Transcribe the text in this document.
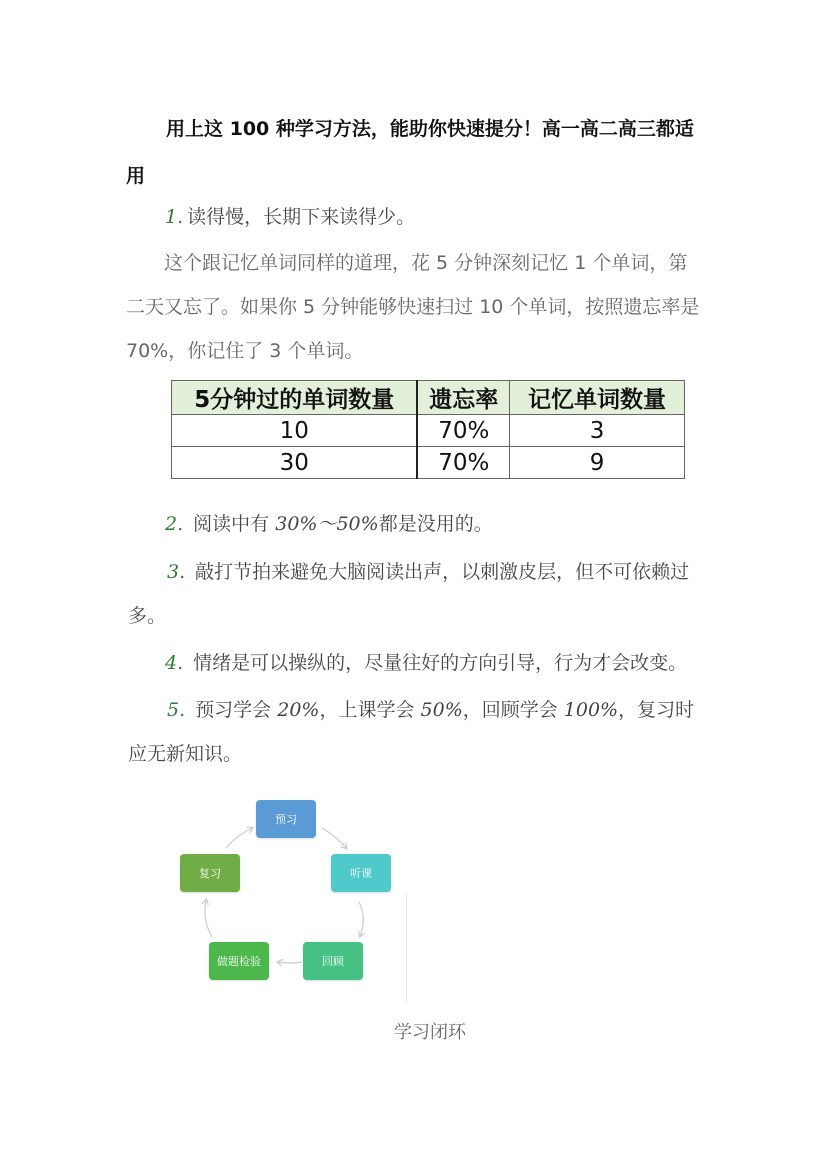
用上这 100 种学习方法，能助你快速提分！高一高二高三都适用
1. 读得慢，长期下来读得少。
这个跟记忆单词同样的道理，花 5 分钟深刻记忆 1 个单词，第二天又忘了。如果你 5 分钟能够快速扫过 10 个单词，按照遗忘率是 70%，你记住了 3 个单词。
5分钟过的单词数量	遗忘率	记忆单词数量
10	70%	3
30	70%	9
2. 阅读中有 30%～50%都是没用的。
3. 敲打节拍来避免大脑阅读出声，以刺激皮层，但不可依赖过多。
4. 情绪是可以操纵的，尽量往好的方向引导，行为才会改变。
5. 预习学会 20%，上课学会 50%，回顾学会 100%，复习时应无新知识。
预习
听课
回顾
做题检验
复习
学习闭环
